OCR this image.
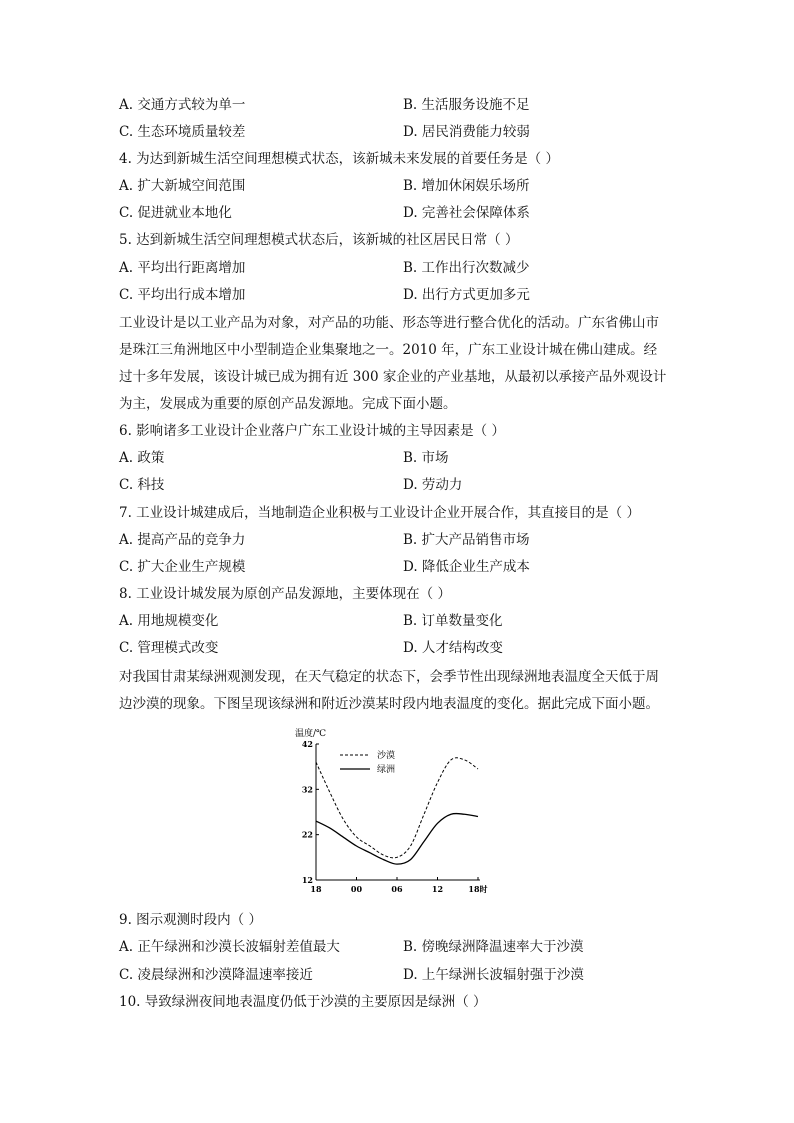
A. 交通方式较为单一	B. 生活服务设施不足
C. 生态环境质量较差	D. 居民消费能力较弱
4. 为达到新城生活空间理想模式状态，该新城未来发展的首要任务是（ ）
A. 扩大新城空间范围	B. 增加休闲娱乐场所
C. 促进就业本地化	D. 完善社会保障体系
5. 达到新城生活空间理想模式状态后，该新城的社区居民日常（ ）
A. 平均出行距离增加	B. 工作出行次数减少
C. 平均出行成本增加	D. 出行方式更加多元
工业设计是以工业产品为对象，对产品的功能、形态等进行整合优化的活动。广东省佛山市
是珠江三角洲地区中小型制造企业集聚地之一。2010 年，广东工业设计城在佛山建成。经
过十多年发展，该设计城已成为拥有近 300 家企业的产业基地，从最初以承接产品外观设计
为主，发展成为重要的原创产品发源地。完成下面小题。
6. 影响诸多工业设计企业落户广东工业设计城的主导因素是（ ）
A. 政策	B. 市场
C. 科技	D. 劳动力
7. 工业设计城建成后，当地制造企业积极与工业设计企业开展合作，其直接目的是（ ）
A. 提高产品的竞争力	B. 扩大产品销售市场
C. 扩大企业生产规模	D. 降低企业生产成本
8. 工业设计城发展为原创产品发源地，主要体现在（ ）
A. 用地规模变化	B. 订单数量变化
C. 管理模式改变	D. 人才结构改变
对我国甘肃某绿洲观测发现，在天气稳定的状态下，会季节性出现绿洲地表温度全天低于周
边沙漠的现象。下图呈现该绿洲和附近沙漠某时段内地表温度的变化。据此完成下面小题。
温度/℃
42
32
22
12
18	00	06	12	18时
沙漠
绿洲
9. 图示观测时段内（ ）
A. 正午绿洲和沙漠长波辐射差值最大	B. 傍晚绿洲降温速率大于沙漠
C. 凌晨绿洲和沙漠降温速率接近	D. 上午绿洲长波辐射强于沙漠
10. 导致绿洲夜间地表温度仍低于沙漠的主要原因是绿洲（ ）
